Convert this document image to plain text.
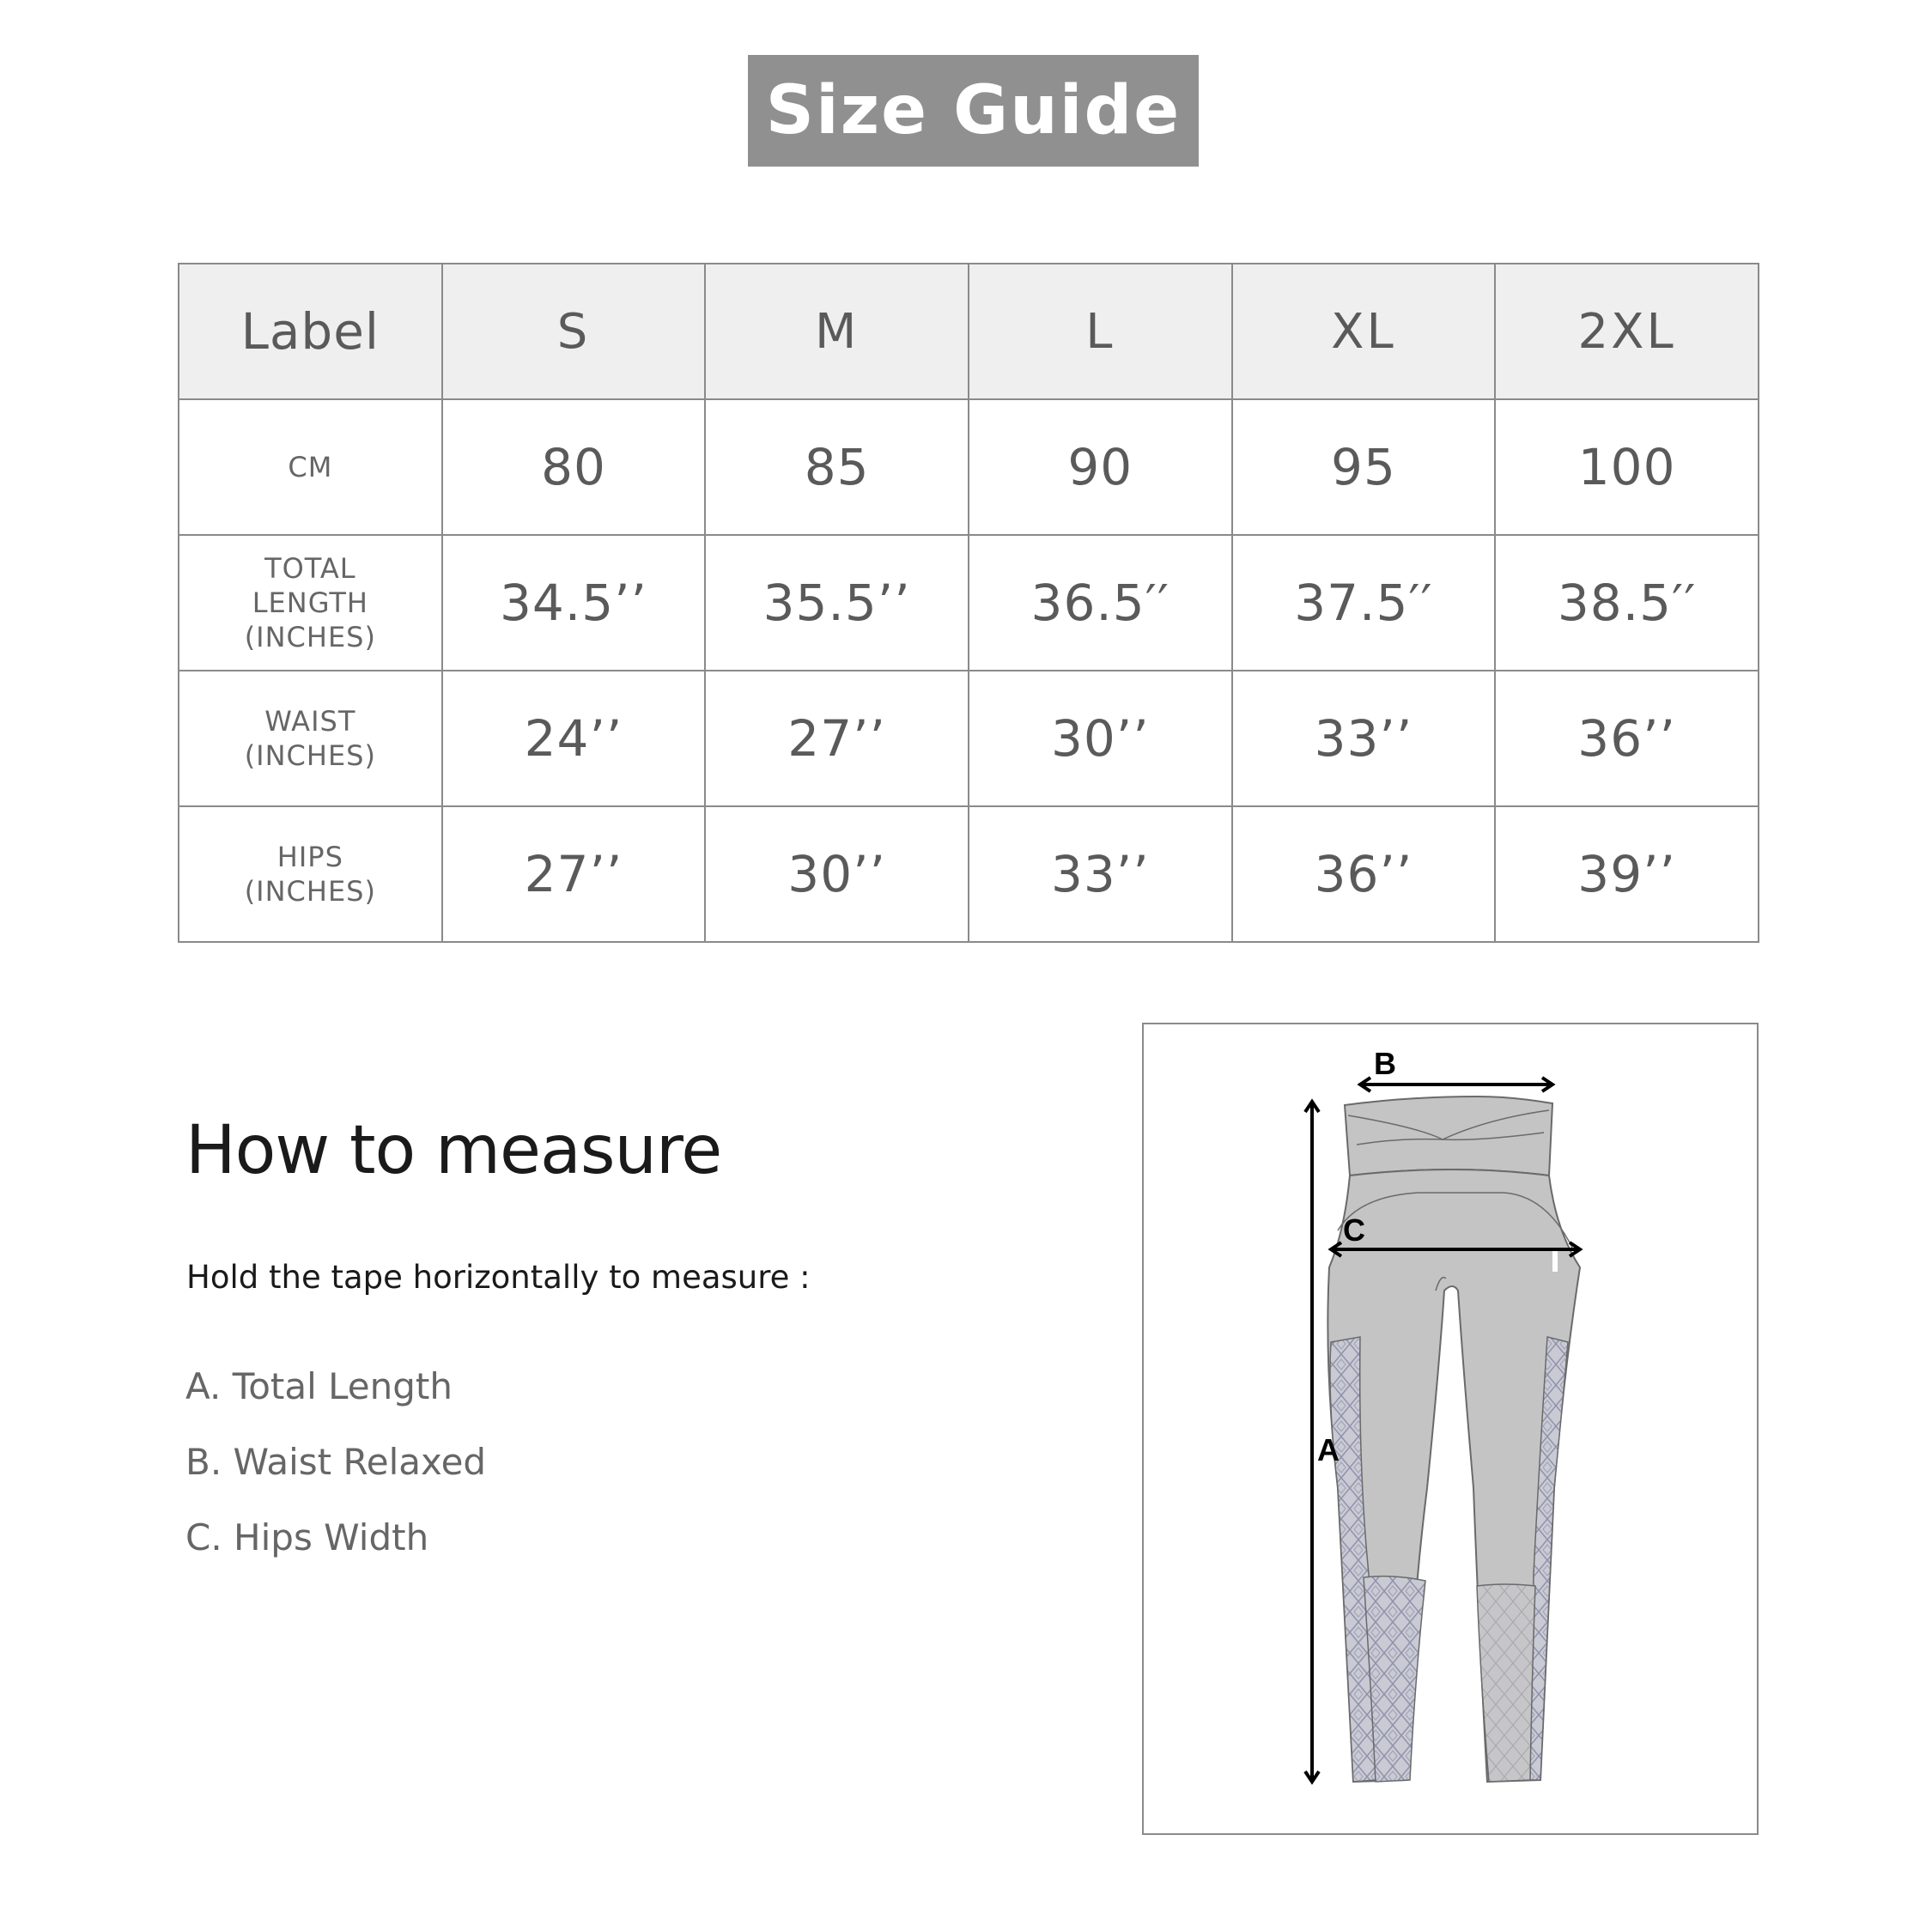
Size Guide
Label	S	M	L	XL	2XL

CM	80	85	90	95	100

TOTAL
LENGTH
(INCHES)	34.5’’	35.5’’	36.5′′	37.5′′	38.5′′

WAIST
(INCHES)	24’’	27’’	30’’	33’’	36’’

HIPS
(INCHES)	27’’	30’’	33’’	36’’	39’’
How to measure
Hold the tape horizontally to measure :
A. Total Length
B. Waist Relaxed
C. Hips Width
B
C
A
